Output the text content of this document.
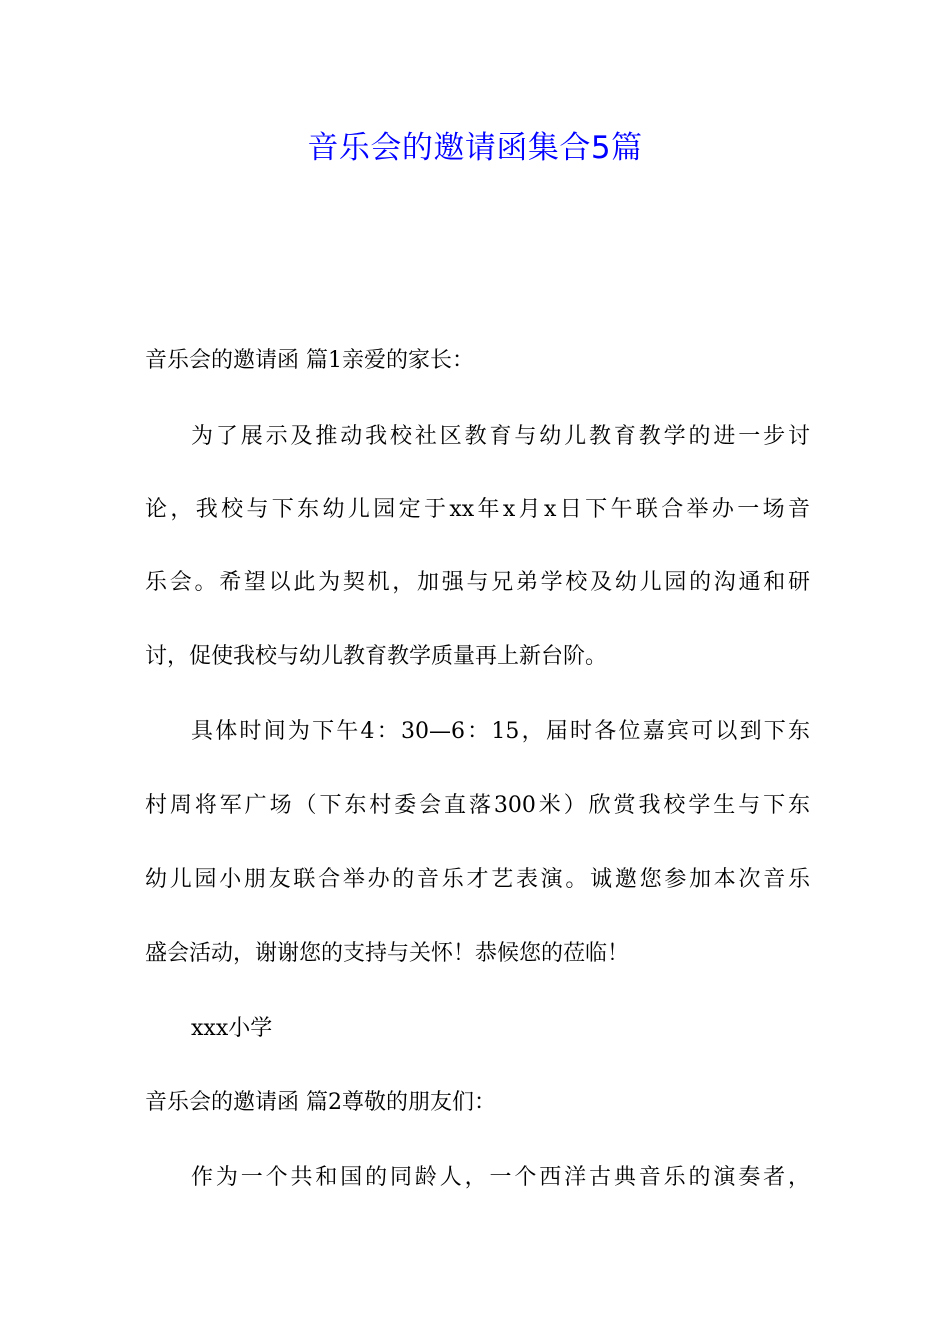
音乐会的邀请函集合5篇

音乐会的邀请函 篇1亲爱的家长：

为了展示及推动我校社区教育与幼儿教育教学的进一步讨

论，我校与下东幼儿园定于xx年x月x日下午联合举办一场音

乐会。希望以此为契机，加强与兄弟学校及幼儿园的沟通和研

讨，促使我校与幼儿教育教学质量再上新台阶。

具体时间为下午4：30—6：15，届时各位嘉宾可以到下东

村周将军广场（下东村委会直落300米）欣赏我校学生与下东

幼儿园小朋友联合举办的音乐才艺表演。诚邀您参加本次音乐

盛会活动，谢谢您的支持与关怀！恭候您的莅临！

xxx小学

音乐会的邀请函 篇2尊敬的朋友们：

作为一个共和国的同龄人，一个西洋古典音乐的演奏者，
